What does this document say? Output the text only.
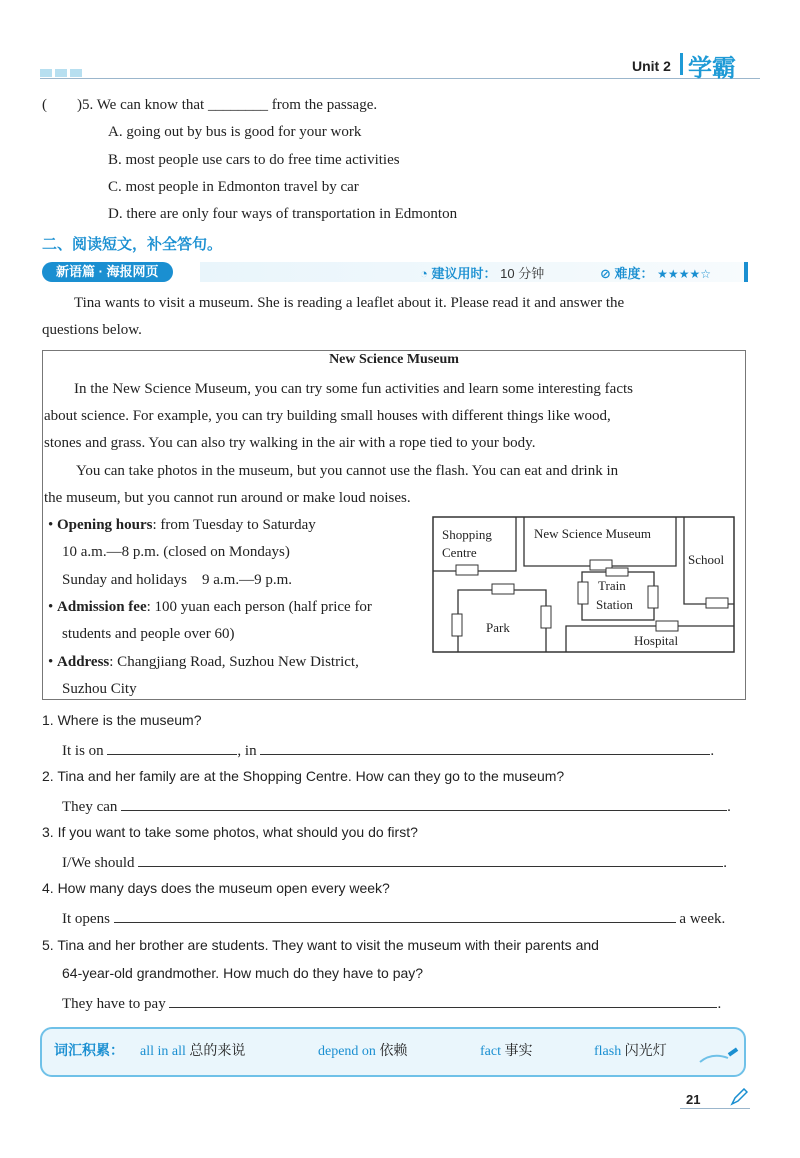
Unit 2 学霸
(　　)5. We can know that ________ from the passage.
A. going out by bus is good for your work
B. most people use cars to do free time activities
C. most people in Edmonton travel by car
D. there are only four ways of transportation in Edmonton
二、阅读短文，补全答句。
新语篇 · 海报网页	◔ 建议用时： 10 分钟	⊘ 难度： ★★★★☆
Tina wants to visit a museum. She is reading a leaflet about it. Please read it and answer the
questions below.
New Science Museum
In the New Science Museum, you can try some fun activities and learn some interesting facts
about science. For example, you can try building small houses with different things like wood,
stones and grass. You can also try walking in the air with a rope tied to your body.
You can take photos in the museum, but you cannot use the flash. You can eat and drink in
the museum, but you cannot run around or make loud noises.
• Opening hours: from Tuesday to Saturday
10 a.m.—8 p.m. (closed on Mondays)
Sunday and holidays　9 a.m.—9 p.m.
• Admission fee: 100 yuan each person (half price for
students and people over 60)
• Address: Changjiang Road, Suzhou New District,
Suzhou City
Shopping
Centre
New Science Museum
School
Train
Station
Park
Hospital
1. Where is the museum?
It is on	, in	.
2. Tina and her family are at the Shopping Centre. How can they go to the museum?
They can	.
3. If you want to take some photos, what should you do first?
I/We should	.
4. How many days does the museum open every week?
It opens	a week.
5. Tina and her brother are students. They want to visit the museum with their parents and
64-year-old grandmother. How much do they have to pay?
They have to pay	.
词汇积累： all in all 总的来说	depend on 依赖	fact 事实	flash 闪光灯
21
